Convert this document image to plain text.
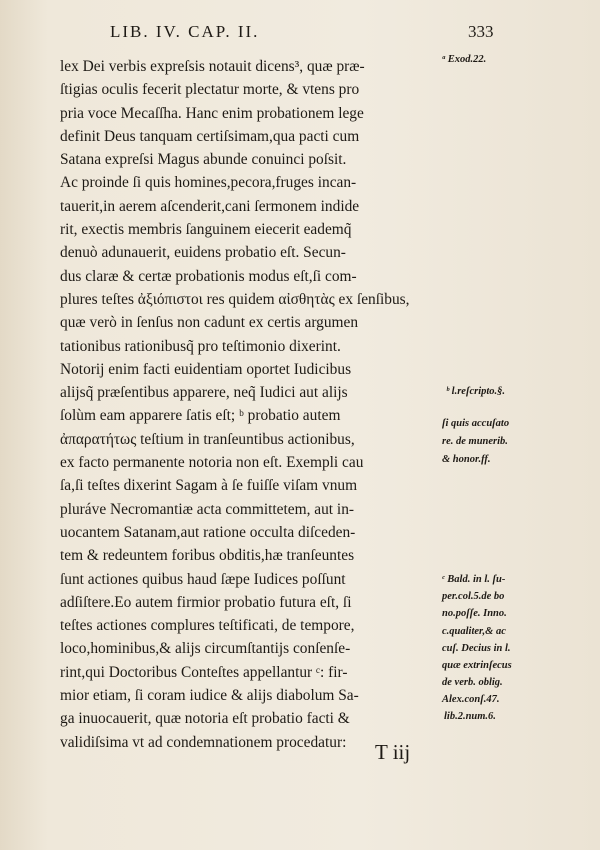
LIB. IV. CAP. II.	333
lex Dei verbis expreſsis notauit dicens³, quæ præ-
ſtigias oculis fecerit plectatur morte, & vtens pro
pria voce Mecaſſha. Hanc enim probationem lege
definit Deus tanquam certiſsimam,qua pacti cum
Satana expreſsi Magus abunde conuinci poſsit.
Ac proinde ſi quis homines,pecora,fruges incan-
tauerit,in aerem aſcenderit,cani ſermonem indide
rit, exectis membris ſanguinem eiecerit eademq̃
denuò adunauerit, euidens probatio eſt. Secun-
dus claræ & certæ probationis modus eſt,ſi com-
plures teſtes ἀξιόπιστοι res quidem αἰσθητὰς ex ſenſibus,
quæ verò in ſenſus non cadunt ex certis argumen
tationibus rationibusq̃ pro teſtimonio dixerint.
Notorij enim facti euidentiam oportet Iudicibus
alijsq̃ præſentibus apparere, neq̃ Iudici aut alijs
ſolùm eam apparere ſatis eſt; ᵇ probatio autem
ἀπαρατήτως teſtium in tranſeuntibus actionibus,
ex facto permanente notoria non eſt. Exempli cau
ſa,ſi teſtes dixerint Sagam à ſe fuiſſe viſam vnum
pluráve Necromantiæ acta committetem, aut in-
uocantem Satanam,aut ratione occulta diſceden-
tem & redeuntem foribus obditis,hæ tranſeuntes
ſunt actiones quibus haud ſæpe Iudices poſſunt
adſiſtere.Eo autem firmior probatio futura eſt, ſi
teſtes actiones complures teſtificati, de tempore,
loco,hominibus,& alijs circumſtantijs conſenſe-
rint,qui Doctoribus Conteſtes appellantur ᶜ: fir-
mior etiam, ſi coram iudice & alijs diabolum Sa-
ga inuocauerit, quæ notoria eſt probatio facti &
validiſsima vt ad condemnationem procedatur:
ᵃ Exod.22.
ᵇ l.reſcripto.§.
ſi quis accuſato
re. de munerib.
& honor.ff.
ᶜ Bald. in l. ſu-
per.col.5.de bo
no.poſſe. Inno.
c.qualiter,& ac
cuſ. Decius in l.
quæ extrinſecus
de verb. oblig.
Alex.conſ.47.
lib.2.num.6.
T iij
